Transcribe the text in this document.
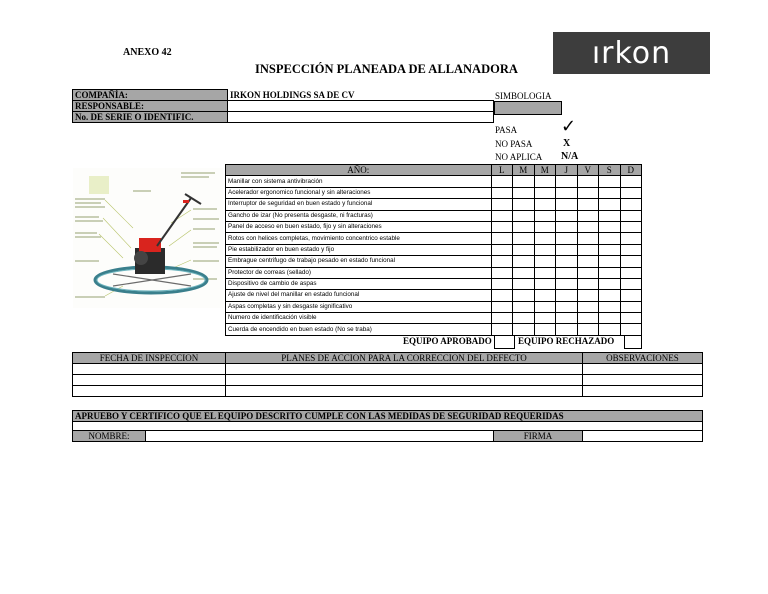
ANEXO 42
INSPECCIÓN PLANEADA DE ALLANADORA ırkon
COMPAÑÍA:	IRKON HOLDINGS SA DE CV
RESPONSABLE:	
No. DE SERIE O IDENTIFIC.	
SIMBOLOGIA
PASA ✓
NO PASA	X
NO APLICA N/A
AÑO:	L	M	M	J	V	S	D
Manillar con sistema antivibración							
Acelerador ergonomico funcional y sin alteraciones							
Interruptor de seguridad en buen estado y funcional							
Gancho de izar (No presenta desgaste, ni fracturas)							
Panel de acceso en buen estado, fijo y sin alteraciones							
Rotos con helices completas, movimiento concentrico estable							
Pie estabilizador en buen estado y fijo							
Embrague centrifugo de trabajo pesado en estado funcional							
Protector de correas (sellado)							
Dispositivo de cambio de aspas							
Ajuste de nivel del manillar en estado funcional							
Aspas completas y sin desgaste significativo							
Numero de identificación visible							
Cuerda de encendido en buen estado (No se traba)							
EQUIPO APROBADO	EQUIPO RECHAZADO
FECHA DE INSPECCION	PLANES DE ACCION PARA LA CORRECCION DEL DEFECTO	OBSERVACIONES

APRUEBO Y CERTIFICO QUE EL EQUIPO DESCRITO CUMPLE CON LAS MEDIDAS DE SEGURIDAD REQUERIDAS

NOMBRE:		FIRMA	
